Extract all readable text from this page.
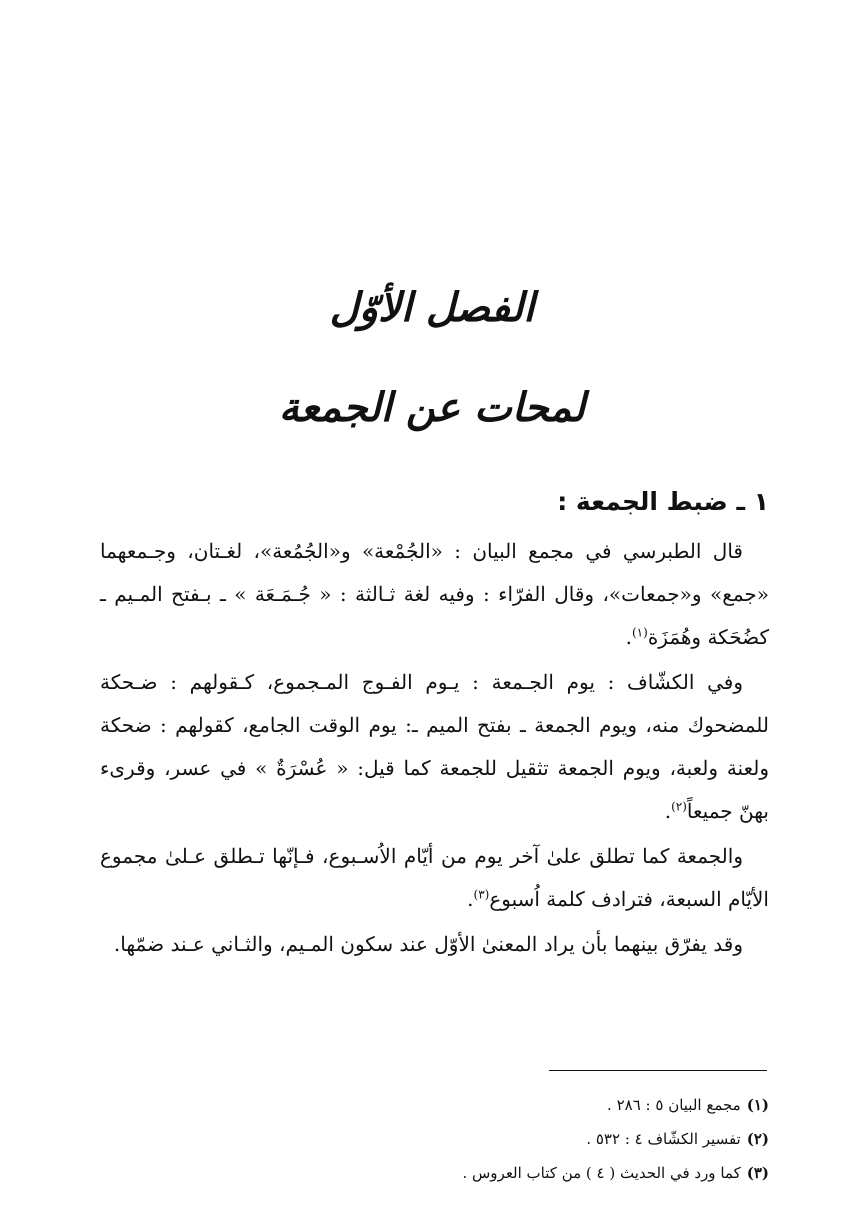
الفصل الأوّل
لمحات عن الجمعة
١ ـ ضبط الجمعة :

قال الطبرسي في مجمع البيان : «الجُمْعة» و«الجُمُعة»، لغـتان، وجـمعهما «جمع» و«جمعات»، وقال الفرّاء : وفيه لغة ثـالثة : « جُـمَـعَة » ـ بـفتح المـيم ـ كضُحَكة وهُمَزَة$^{(١)}$.

وفي الكشّاف : يوم الجـمعة : يـوم الفـوج المـجموع، كـقولهم : ضـحكة للمضحوك منه، ويوم الجمعة ـ بفتح الميم ـ: يوم الوقت الجامع، كقولهم : ضحكة ولعنة ولعبة، ويوم الجمعة تثقيل للجمعة كما قيل: « عُسْرَةٌ » في عسر، وقرىء بهنّ جميعاً$^{(٢)}$.

والجمعة كما تطلق علىٰ آخر يوم من أيّام الاُسـبوع، فـإنّها تـطلق عـلىٰ مجموع الأيّام السبعة، فترادف كلمة اُسبوع$^{(٣)}$.

وقد يفرّق بينهما بأن يراد المعنىٰ الأوّل عند سكون المـيم، والثـاني عـند ضمّها.

(١)مجمع البيان ٥ : ٢٨٦ .

(٢)تفسير الكشّاف ٤ : ٥٣٢ .

(٣)كما ورد في الحديث ( ٤ ) من كتاب العروس .
